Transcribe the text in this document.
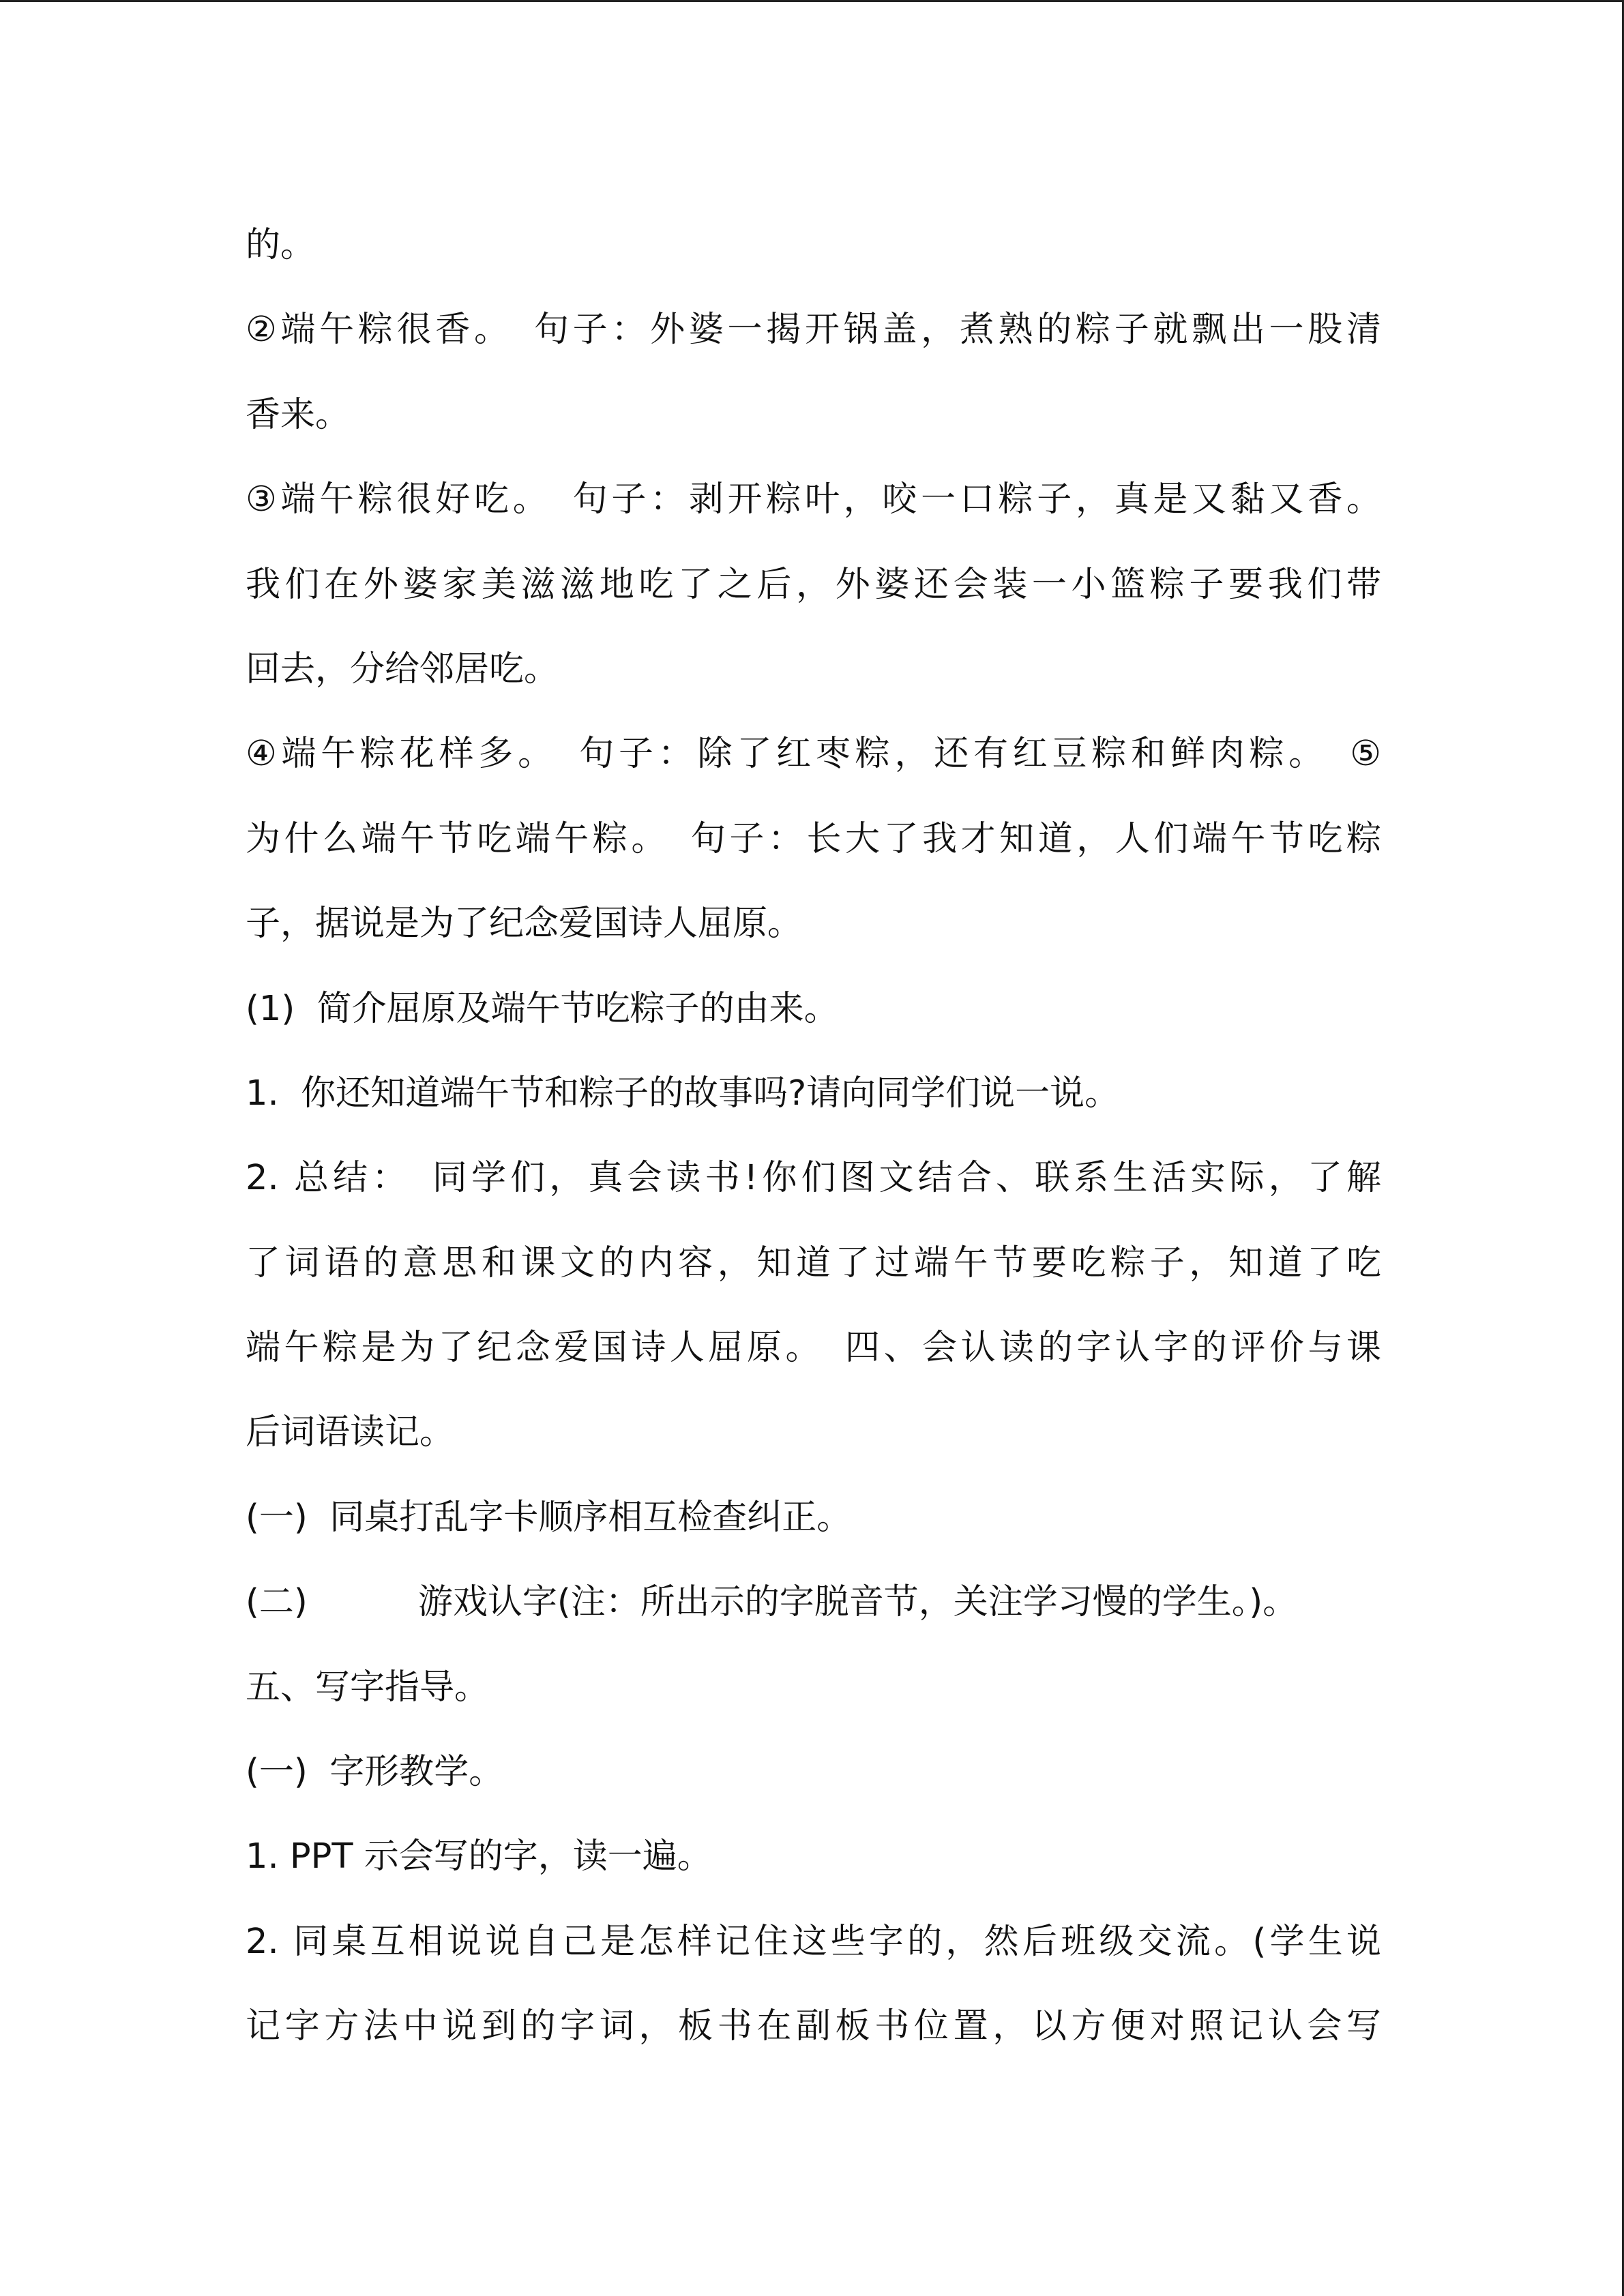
的。
②端午粽很香。　句子：外婆一揭开锅盖，煮熟的粽子就飘出一股清
香来。
③端午粽很好吃。　句子：剥开粽叶，咬一口粽子，真是又黏又香。
我们在外婆家美滋滋地吃了之后，外婆还会装一小篮粽子要我们带
回去，分给邻居吃。
④端午粽花样多。　句子：除了红枣粽，还有红豆粽和鲜肉粽。　⑤
为什么端午节吃端午粽。　句子：长大了我才知道，人们端午节吃粽
子，据说是为了纪念爱国诗人屈原。
(1)  简介屈原及端午节吃粽子的由来。
1.  你还知道端午节和粽子的故事吗?请向同学们说一说。
2. 总结：　同学们，真会读书!你们图文结合、联系生活实际，了解
了词语的意思和课文的内容，知道了过端午节要吃粽子，知道了吃
端午粽是为了纪念爱国诗人屈原。　四、会认读的字认字的评价与课
后词语读记。
(一)  同桌打乱字卡顺序相互检查纠正。
(二)          游戏认字(注：所出示的字脱音节，关注学习慢的学生。)。
五、写字指导。
(一)  字形教学。
1. PPT 示会写的字，读一遍。
2. 同桌互相说说自己是怎样记住这些字的，然后班级交流。(学生说
记字方法中说到的字词，板书在副板书位置，以方便对照记认会写
